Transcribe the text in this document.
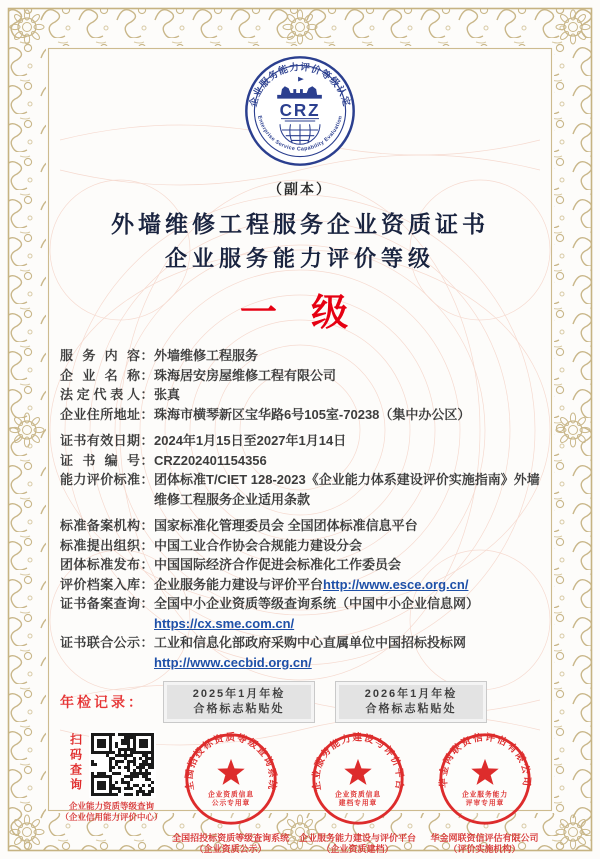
企业服务能力评价等级认定
Enterprise Service Capability Evaluation
CRZ
（副本）
外墙维修工程服务企业资质证书
企业服务能力评价等级
一 级
服务内容 ： 外墙维修工程服务
企业名称 ： 珠海居安房屋维修工程有限公司
法定代表人 ： 张真
企业住所地址 ： 珠海市横琴新区宝华路6号105室-70238（集中办公区）
证书有效日期 ： 2024年1月15日至2027年1月14日
证书编号 ： CRZ202401154356
能力评价标准 ： 团体标准T/CIET 128-2023《企业能力体系建设评价实施指南》外墙维修工程服务企业适用条款
标准备案机构 ： 国家标准化管理委员会 全国团体标准信息平台
标准提出组织 ： 中国工业合作协会合规能力建设分会
团体标准发布 ： 中国国际经济合作促进会标准化工作委员会
评价档案入库 ： 企业服务能力建设与评价平台http://www.esce.org.cn/
证书备案查询 ： 全国中小企业资质等级查询系统（中国中小企业信息网）
https://cx.sme.com.cn/
证书联合公示 ： 工业和信息化部政府采购中心直属单位中国招标投标网
http://www.cecbid.org.cn/
年检记录：	2025年1月年检
合格标志粘贴处
2026年1月年检
合格标志粘贴处
扫码查询
企业能力资质等级查询
（企业信用能力评价中心）
全国招投标资质等级查询系统
企业资质信息
公示专用章
全国招投标资质等级查询系统
（企业资质公示）
企业服务能力建设与评价平台
企业资质信息
建档专用章
企业服务能力建设与评价平台
（企业资质建档）
华金网联资信评估有限公司
企业服务能力
评审专用章
华金网联资信评估有限公司
（评价实施机构）
